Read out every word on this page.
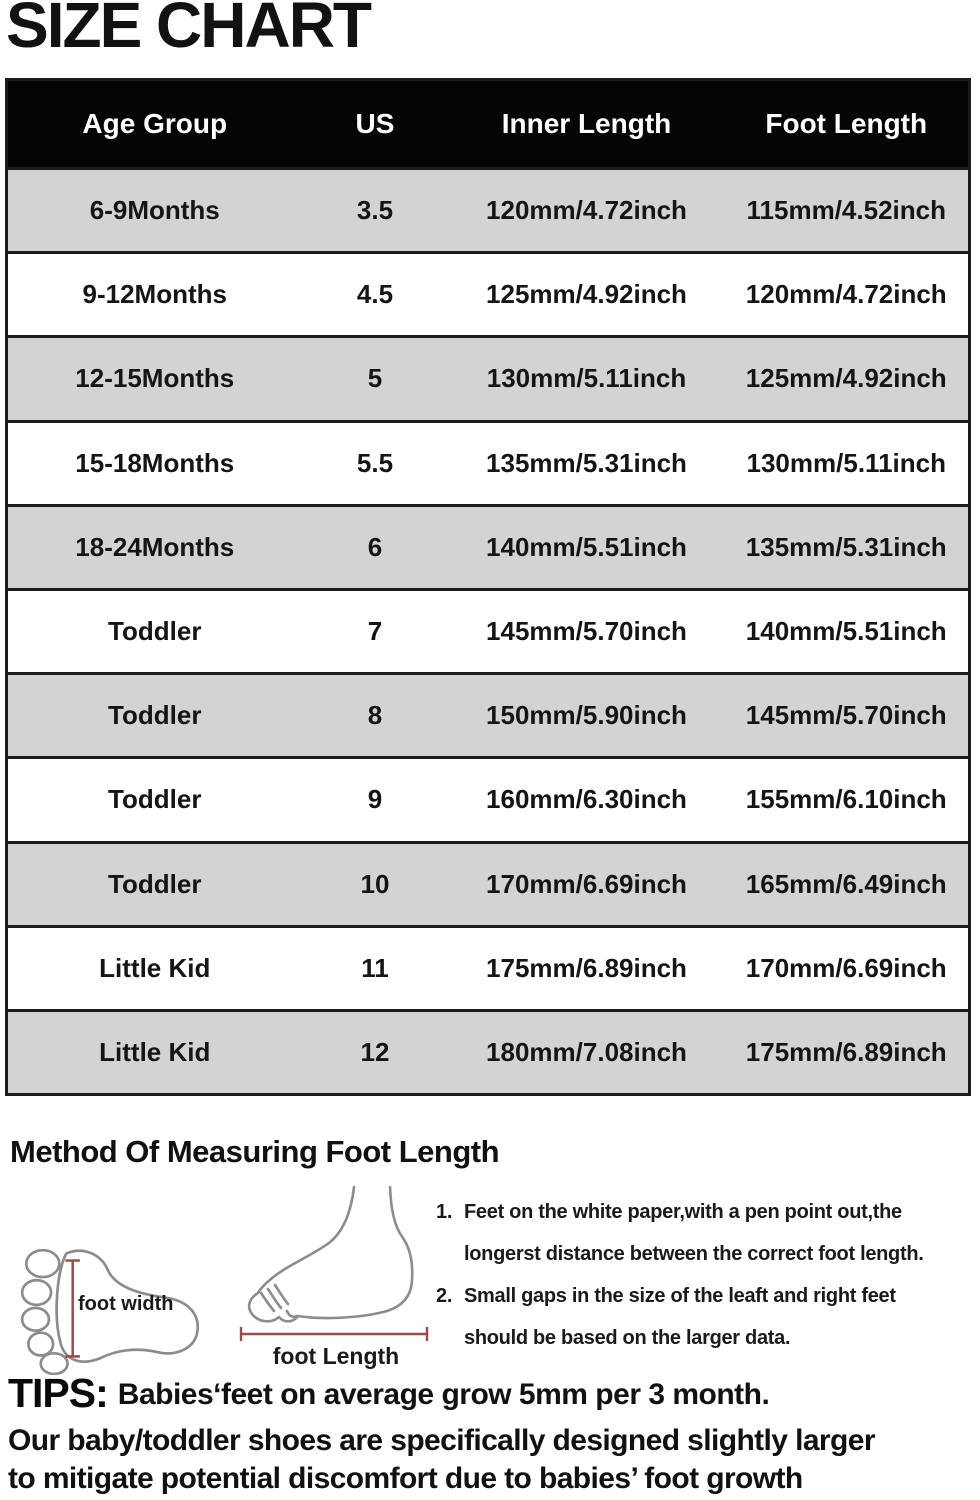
SIZE CHART
Age Group	US	Inner Length	Foot Length
6-9Months	3.5	120mm/4.72inch	115mm/4.52inch
9-12Months	4.5	125mm/4.92inch	120mm/4.72inch
12-15Months	5	130mm/5.11inch	125mm/4.92inch
15-18Months	5.5	135mm/5.31inch	130mm/5.11inch
18-24Months	6	140mm/5.51inch	135mm/5.31inch
Toddler	7	145mm/5.70inch	140mm/5.51inch
Toddler	8	150mm/5.90inch	145mm/5.70inch
Toddler	9	160mm/6.30inch	155mm/6.10inch
Toddler	10	170mm/6.69inch	165mm/6.49inch
Little Kid	11	175mm/6.89inch	170mm/6.69inch
Little Kid	12	180mm/7.08inch	175mm/6.89inch
Method Of Measuring Foot Length
foot width
foot Length
1. Feet on the white paper,with a pen point out,the
longerst distance between the correct foot length.
2. Small gaps in the size of the leaft and right feet
should be based on the larger data.

TIPS: Babies‘feet on average grow 5mm per 3 month.

Our baby/toddler shoes are specifically designed slightly larger

to mitigate potential discomfort due to babies’ foot growth
